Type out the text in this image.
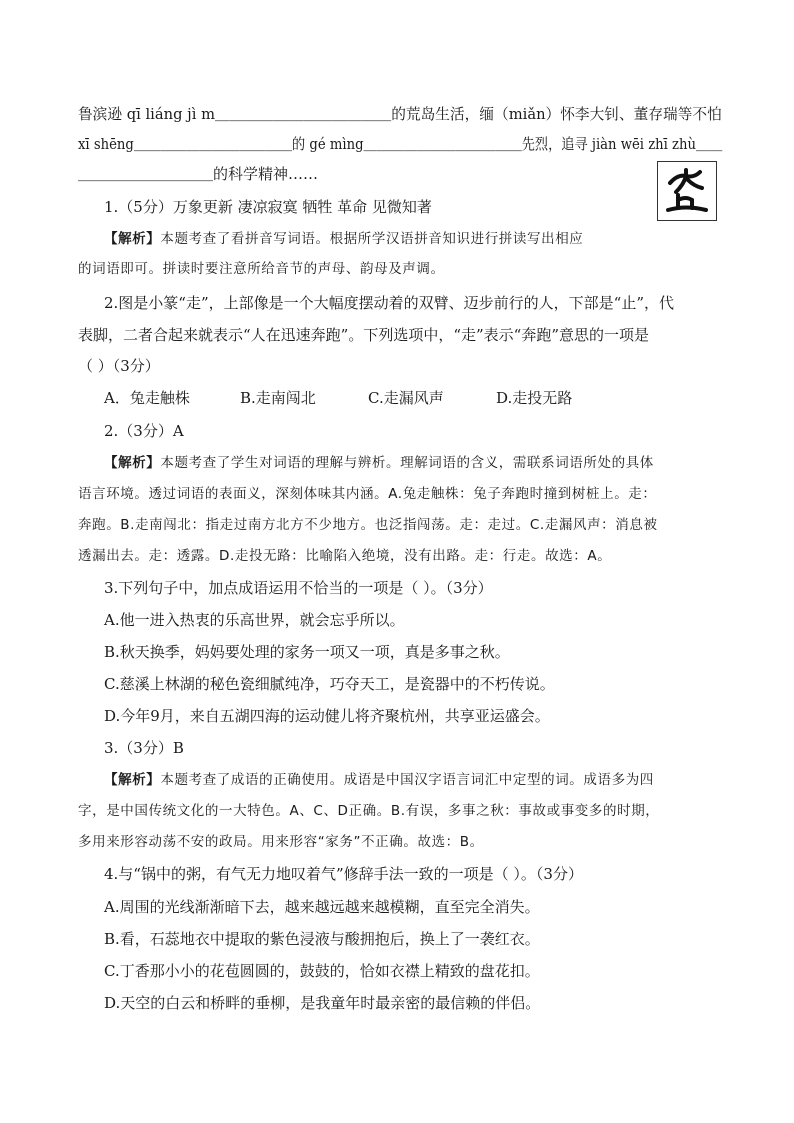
鲁滨逊 qī liáng jì m＿＿＿＿＿＿＿＿＿＿＿＿的荒岛生活，缅（miǎn）怀李大钊、董存瑞等不怕
xī shēng＿＿＿＿＿＿＿＿＿＿＿＿的 gé mìng＿＿＿＿＿＿＿＿＿＿＿＿先烈，追寻 jiàn wēi zhī zhù＿＿
＿＿＿＿＿＿＿＿＿的科学精神……
1.（5分）万象更新 凄凉寂寞 牺牲 革命 见微知著
【解析】本题考查了看拼音写词语。根据所学汉语拼音知识进行拼读写出相应
的词语即可。拼读时要注意所给音节的声母、韵母及声调。
2.图是小篆“走”，上部像是一个大幅度摆动着的双臂、迈步前行的人，下部是“止”，代
表脚，二者合起来就表示“人在迅速奔跑”。下列选项中，“走”表示“奔跑”意思的一项是
（ ）（3分）
A．兔走触株	B.走南闯北	C.走漏风声	D.走投无路
2.（3分）A
【解析】本题考查了学生对词语的理解与辨析。理解词语的含义，需联系词语所处的具体
语言环境。透过词语的表面义，深刻体味其内涵。A.兔走触株：兔子奔跑时撞到树桩上。走：
奔跑。B.走南闯北：指走过南方北方不少地方。也泛指闯荡。走：走过。C.走漏风声：消息被
透漏出去。走：透露。D.走投无路：比喻陷入绝境，没有出路。走：行走。故选：A。
3.下列句子中，加点成语运用不恰当的一项是（ ）。（3分）
A.他一进入热衷的乐高世界，就会忘乎所以。
B.秋天换季，妈妈要处理的家务一项又一项，真是多事之秋。
C.慈溪上林湖的秘色瓷细腻纯净，巧夺天工，是瓷器中的不朽传说。
D.今年9月，来自五湖四海的运动健儿将齐聚杭州，共享亚运盛会。
3.（3分）B
【解析】本题考查了成语的正确使用。成语是中国汉字语言词汇中定型的词。成语多为四
字，是中国传统文化的一大特色。A、C、D正确。B.有误，多事之秋：事故或事变多的时期，
多用来形容动荡不安的政局。用来形容“家务”不正确。故选：B。
4.与“锅中的粥，有气无力地叹着气”修辞手法一致的一项是（ ）。（3分）
A.周围的光线渐渐暗下去，越来越远越来越模糊，直至完全消失。
B.看，石蕊地衣中提取的紫色浸液与酸拥抱后，换上了一袭红衣。
C.丁香那小小的花苞圆圆的，鼓鼓的，恰如衣襟上精致的盘花扣。
D.天空的白云和桥畔的垂柳，是我童年时最亲密的最信赖的伴侣。
